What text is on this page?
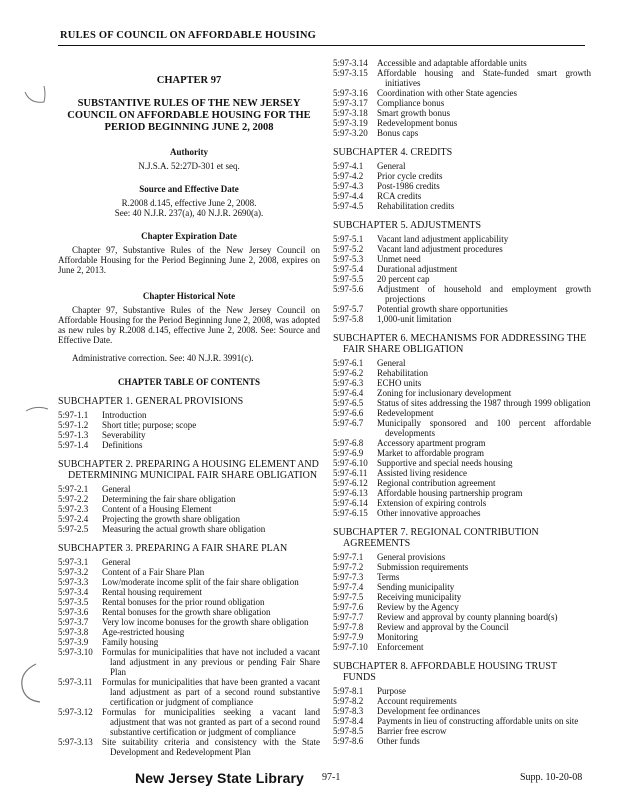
RULES OF COUNCIL ON AFFORDABLE HOUSING
CHAPTER 97
SUBSTANTIVE RULES OF THE NEW JERSEY COUNCIL ON AFFORDABLE HOUSING FOR THE PERIOD BEGINNING JUNE 2, 2008
Authority
N.J.S.A. 52:27D-301 et seq.
Source and Effective Date
R.2008 d.145, effective June 2, 2008.
See: 40 N.J.R. 237(a), 40 N.J.R. 2690(a).
Chapter Expiration Date
Chapter 97, Substantive Rules of the New Jersey Council on Affordable Housing for the Period Beginning June 2, 2008, expires on June 2, 2013.
Chapter Historical Note
Chapter 97, Substantive Rules of the New Jersey Council on Affordable Housing for the Period Beginning June 2, 2008, was adopted as new rules by R.2008 d.145, effective June 2, 2008. See: Source and Effective Date.
Administrative correction. See: 40 N.J.R. 3991(c).
CHAPTER TABLE OF CONTENTS
SUBCHAPTER 1. GENERAL PROVISIONS
5:97-1.1	Introduction
5:97-1.2	Short title; purpose; scope
5:97-1.3	Severability
5:97-1.4	Definitions
SUBCHAPTER 2. PREPARING A HOUSING ELEMENT AND DETERMINING MUNICIPAL FAIR SHARE OBLIGATION
5:97-2.1	General
5:97-2.2	Determining the fair share obligation
5:97-2.3	Content of a Housing Element
5:97-2.4	Projecting the growth share obligation
5:97-2.5	Measuring the actual growth share obligation
SUBCHAPTER 3. PREPARING A FAIR SHARE PLAN
5:97-3.1	General
5:97-3.2	Content of a Fair Share Plan
5:97-3.3	Low/moderate income split of the fair share obligation
5:97-3.4	Rental housing requirement
5:97-3.5	Rental bonuses for the prior round obligation
5:97-3.6	Rental bonuses for the growth share obligation
5:97-3.7	Very low income bonuses for the growth share obligation
5:97-3.8	Age-restricted housing
5:97-3.9	Family housing
5:97-3.10	Formulas for municipalities that have not included a vacant land adjustment in any previous or pending Fair Share Plan
5:97-3.11	Formulas for municipalities that have been granted a vacant land adjustment as part of a second round substantive certification or judgment of compliance
5:97-3.12	Formulas for municipalities seeking a vacant land adjustment that was not granted as part of a second round substantive certification or judgment of compliance
5:97-3.13	Site suitability criteria and consistency with the State Development and Redevelopment Plan
5:97-3.14	Accessible and adaptable affordable units
5:97-3.15	Affordable housing and State-funded smart growth initiatives
5:97-3.16	Coordination with other State agencies
5:97-3.17	Compliance bonus
5:97-3.18	Smart growth bonus
5:97-3.19	Redevelopment bonus
5:97-3.20	Bonus caps
SUBCHAPTER 4. CREDITS
5:97-4.1	General
5:97-4.2	Prior cycle credits
5:97-4.3	Post-1986 credits
5:97-4.4	RCA credits
5:97-4.5	Rehabilitation credits
SUBCHAPTER 5. ADJUSTMENTS
5:97-5.1	Vacant land adjustment applicability
5:97-5.2	Vacant land adjustment procedures
5:97-5.3	Unmet need
5:97-5.4	Durational adjustment
5:97-5.5	20 percent cap
5:97-5.6	Adjustment of household and employment growth projections
5:97-5.7	Potential growth share opportunities
5:97-5.8	1,000-unit limitation
SUBCHAPTER 6. MECHANISMS FOR ADDRESSING THE FAIR SHARE OBLIGATION
5:97-6.1	General
5:97-6.2	Rehabilitation
5:97-6.3	ECHO units
5:97-6.4	Zoning for inclusionary development
5:97-6.5	Status of sites addressing the 1987 through 1999 obligation
5:97-6.6	Redevelopment
5:97-6.7	Municipally sponsored and 100 percent affordable developments
5:97-6.8	Accessory apartment program
5:97-6.9	Market to affordable program
5:97-6.10	Supportive and special needs housing
5:97-6.11	Assisted living residence
5:97-6.12	Regional contribution agreement
5:97-6.13	Affordable housing partnership program
5:97-6.14	Extension of expiring controls
5:97-6.15	Other innovative approaches
SUBCHAPTER 7. REGIONAL CONTRIBUTION AGREEMENTS
5:97-7.1	General provisions
5:97-7.2	Submission requirements
5:97-7.3	Terms
5:97-7.4	Sending municipality
5:97-7.5	Receiving municipality
5:97-7.6	Review by the Agency
5:97-7.7	Review and approval by county planning board(s)
5:97-7.8	Review and approval by the Council
5:97-7.9	Monitoring
5:97-7.10	Enforcement
SUBCHAPTER 8. AFFORDABLE HOUSING TRUST FUNDS
5:97-8.1	Purpose
5:97-8.2	Account requirements
5:97-8.3	Development fee ordinances
5:97-8.4	Payments in lieu of constructing affordable units on site
5:97-8.5	Barrier free escrow
5:97-8.6	Other funds
New Jersey State Library 97-1	Supp. 10-20-08
